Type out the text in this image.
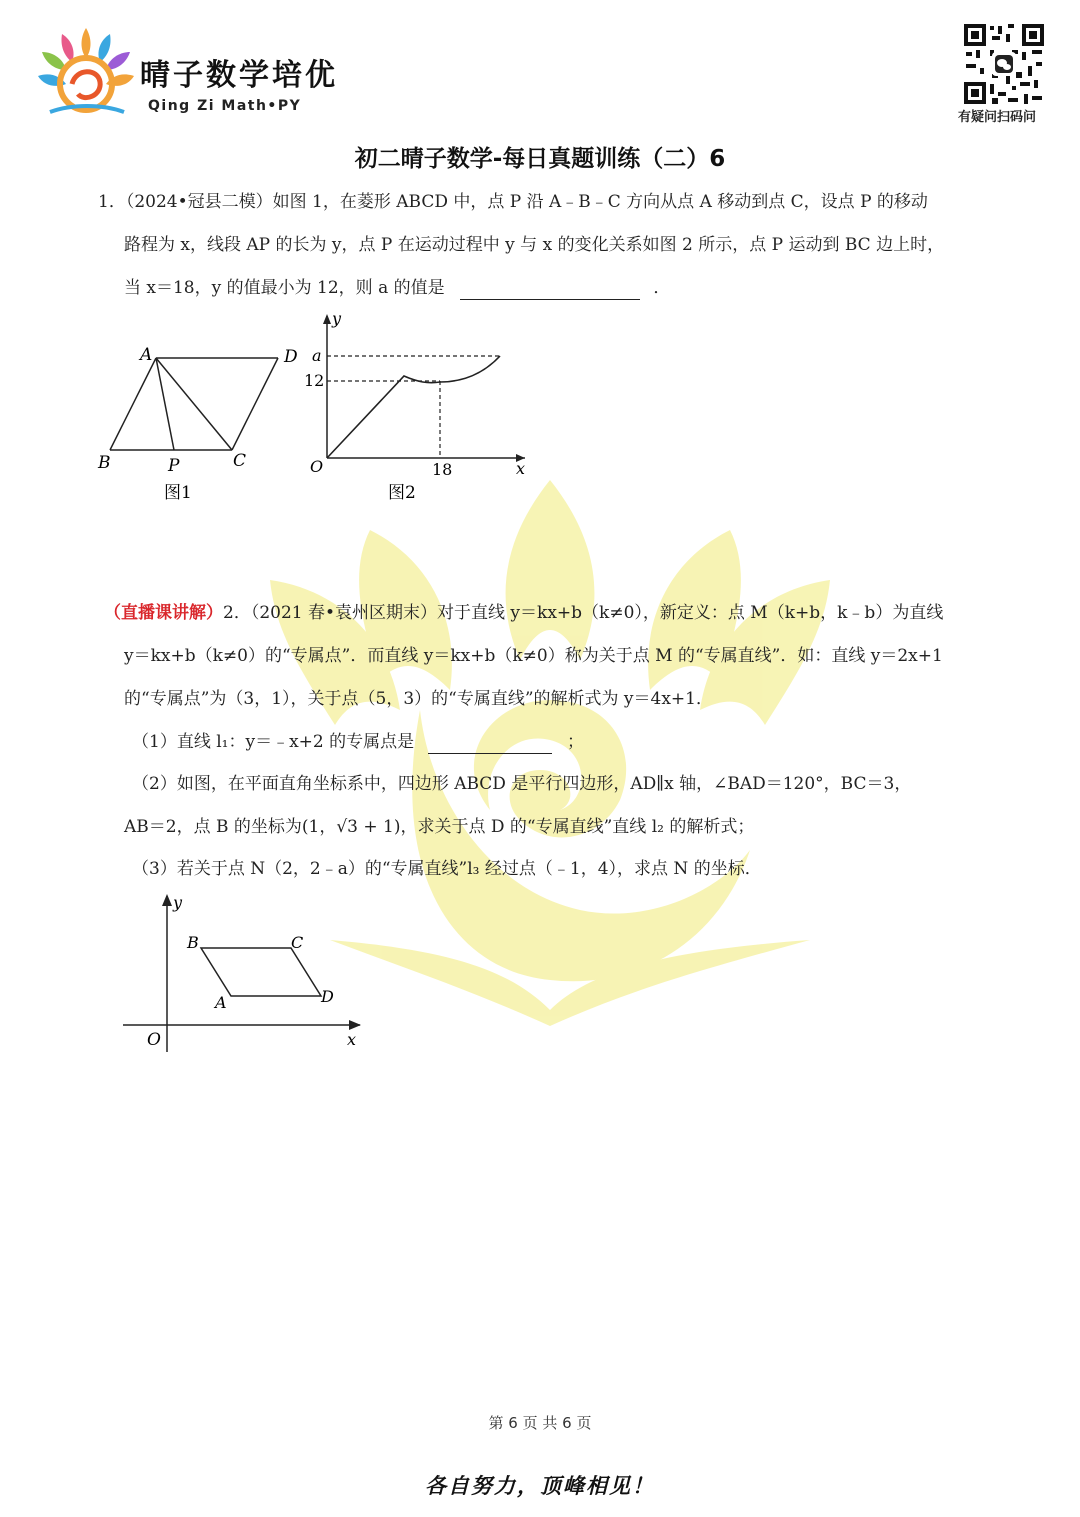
晴子数学培优
Qing Zi Math•PY
有疑问扫码问
初二晴子数学-每日真题训练（二）6
1．（2024•冠县二模）如图 1，在菱形 ABCD 中，点 P 沿 A﹣B﹣C 方向从点 A 移动到点 C，设点 P 的移动
路程为 x，线段 AP 的长为 y，点 P 在运动过程中 y 与 x 的变化关系如图 2 所示，点 P 运动到 BC 边上时，
当 x＝18，y 的值最小为 12，则 a 的值是	．
A	D
B	P	C
图1
y
x
O
a
12
18
图2
（直播课讲解）2．（2021 春•袁州区期末）对于直线 y＝kx+b（k≠0），新定义：点 M（k+b，k﹣b）为直线
y＝kx+b（k≠0）的“专属点”．而直线 y＝kx+b（k≠0）称为关于点 M 的“专属直线”．如：直线 y＝2x+1
的“专属点”为（3，1），关于点（5，3）的“专属直线”的解析式为 y＝4x+1．
（1）直线 l₁：y＝﹣x+2 的专属点是	；
（2）如图，在平面直角坐标系中，四边形 ABCD 是平行四边形，AD∥x 轴，∠BAD＝120°，BC＝3，
AB＝2，点 B 的坐标为(1，√3 + 1)，求关于点 D 的“专属直线”直线 l₂ 的解析式；
（3）若关于点 N（2，2﹣a）的“专属直线”l₃ 经过点（﹣1，4），求点 N 的坐标．
y
x
O
B	C
A	D
第 6 页 共 6 页
各自努力，顶峰相见！
